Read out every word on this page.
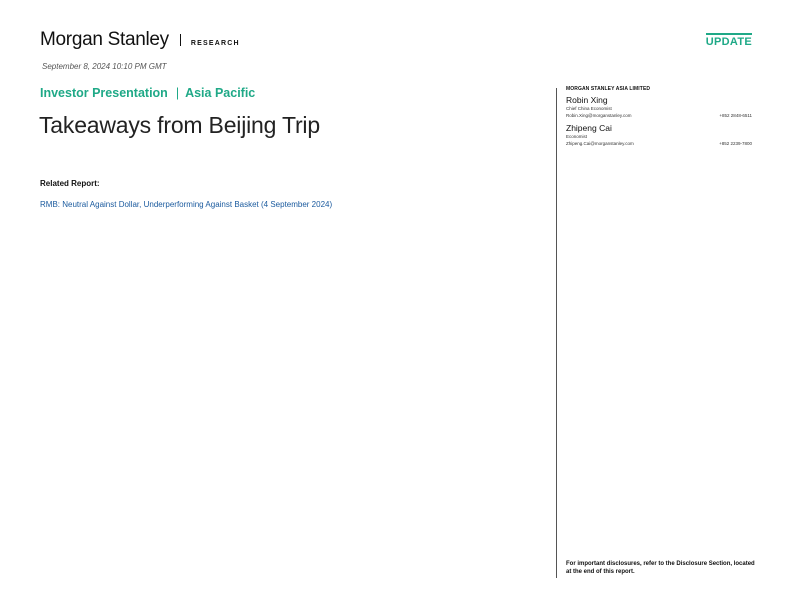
Morgan Stanley	RESEARCH	UPDATE
September 8, 2024 10:10 PM GMT
Investor Presentation | Asia Pacific
Takeaways from Beijing Trip
Related Report:
RMB: Neutral Against Dollar, Underperforming Against Basket (4 September 2024)
MORGAN STANLEY ASIA LIMITED
Robin Xing
Chief China Economist
Robin.Xing@morganstanley.com	+852 2848-6511
Zhipeng Cai
Economist
Zhipeng.Cai@morganstanley.com	+852 2239-7800
For important disclosures, refer to the Disclosure Section, located at the end of this report.
